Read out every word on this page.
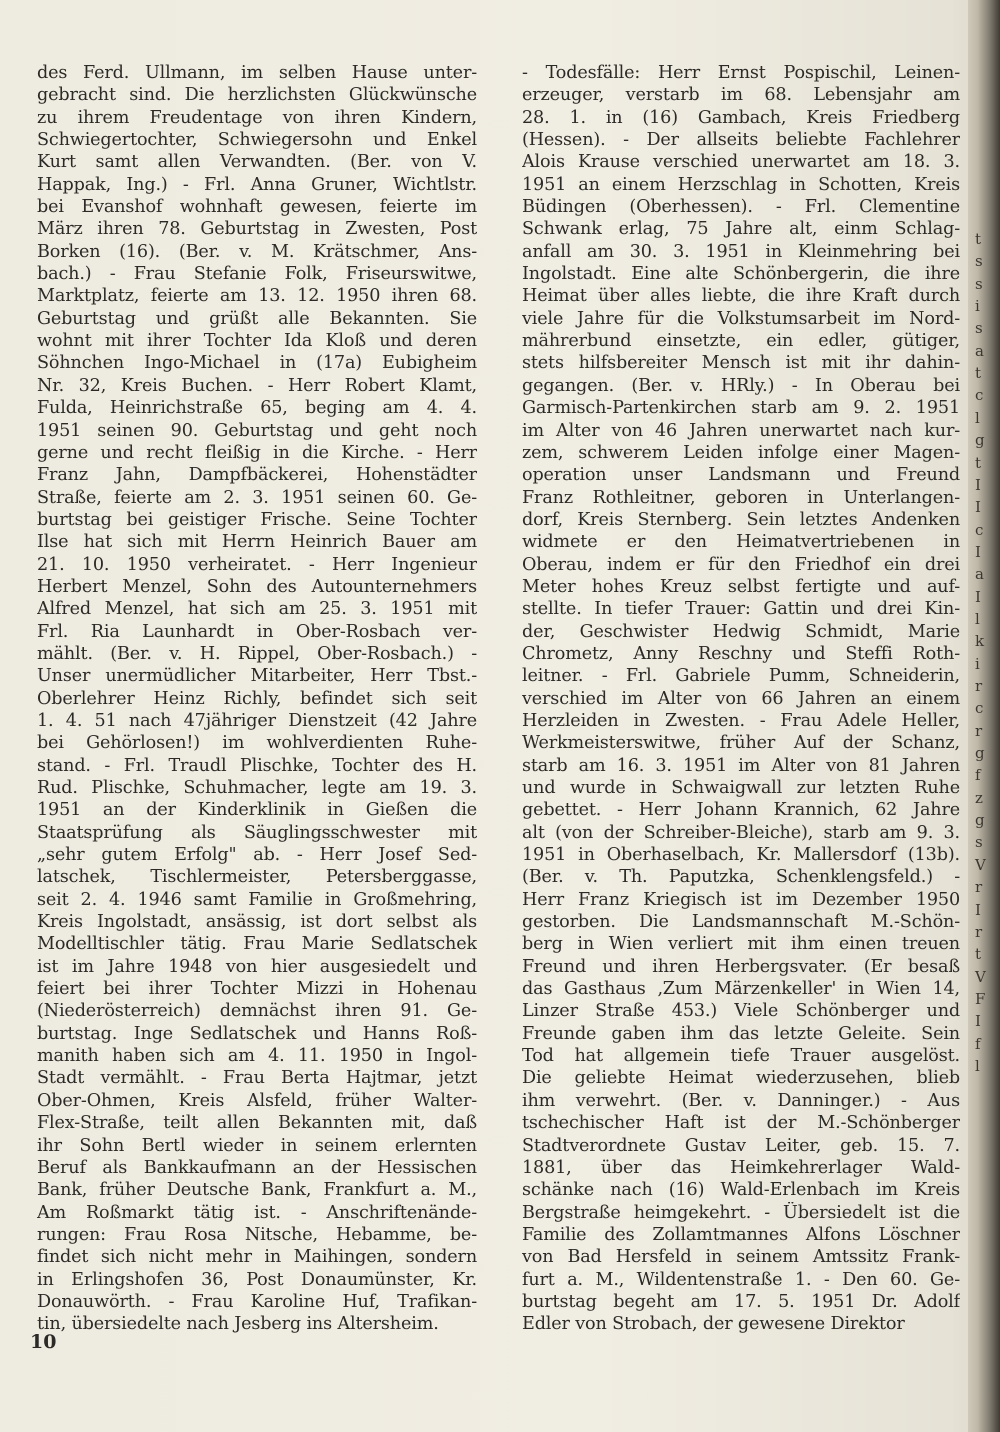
des Ferd. Ullmann, im selben Hause unter-
gebracht sind. Die herzlichsten Glückwünsche
zu ihrem Freudentage von ihren Kindern,
Schwiegertochter, Schwiegersohn und Enkel
Kurt samt allen Verwandten. (Ber. von V.
Happak, Ing.) - Frl. Anna Gruner, Wichtlstr.
bei Evanshof wohnhaft gewesen, feierte im
März ihren 78. Geburtstag in Zwesten, Post
Borken (16). (Ber. v. M. Krätschmer, Ans-
bach.) - Frau Stefanie Folk, Friseurswitwe,
Marktplatz, feierte am 13. 12. 1950 ihren 68.
Geburtstag und grüßt alle Bekannten. Sie
wohnt mit ihrer Tochter Ida Kloß und deren
Söhnchen Ingo-Michael in (17a) Eubigheim
Nr. 32, Kreis Buchen. - Herr Robert Klamt,
Fulda, Heinrichstraße 65, beging am 4. 4.
1951 seinen 90. Geburtstag und geht noch
gerne und recht fleißig in die Kirche. - Herr
Franz Jahn, Dampfbäckerei, Hohenstädter
Straße, feierte am 2. 3. 1951 seinen 60. Ge-
burtstag bei geistiger Frische. Seine Tochter
Ilse hat sich mit Herrn Heinrich Bauer am
21. 10. 1950 verheiratet. - Herr Ingenieur
Herbert Menzel, Sohn des Autounternehmers
Alfred Menzel, hat sich am 25. 3. 1951 mit
Frl. Ria Launhardt in Ober-Rosbach ver-
mählt. (Ber. v. H. Rippel, Ober-Rosbach.) -
Unser unermüdlicher Mitarbeiter, Herr Tbst.-
Oberlehrer Heinz Richly, befindet sich seit
1. 4. 51 nach 47jähriger Dienstzeit (42 Jahre
bei Gehörlosen!) im wohlverdienten Ruhe-
stand. - Frl. Traudl Plischke, Tochter des H.
Rud. Plischke, Schuhmacher, legte am 19. 3.
1951 an der Kinderklinik in Gießen die
Staatsprüfung als Säuglingsschwester mit
„sehr gutem Erfolg" ab. - Herr Josef Sed-
latschek, Tischlermeister, Petersberggasse,
seit 2. 4. 1946 samt Familie in Großmehring,
Kreis Ingolstadt, ansässig, ist dort selbst als
Modelltischler tätig. Frau Marie Sedlatschek
ist im Jahre 1948 von hier ausgesiedelt und
feiert bei ihrer Tochter Mizzi in Hohenau
(Niederösterreich) demnächst ihren 91. Ge-
burtstag. Inge Sedlatschek und Hanns Roß-
manith haben sich am 4. 11. 1950 in Ingol-
Stadt vermählt. - Frau Berta Hajtmar, jetzt
Ober-Ohmen, Kreis Alsfeld, früher Walter-
Flex-Straße, teilt allen Bekannten mit, daß
ihr Sohn Bertl wieder in seinem erlernten
Beruf als Bankkaufmann an der Hessischen
Bank, früher Deutsche Bank, Frankfurt a. M.,
Am Roßmarkt tätig ist. - Anschriftenände-
rungen: Frau Rosa Nitsche, Hebamme, be-
findet sich nicht mehr in Maihingen, sondern
in Erlingshofen 36, Post Donaumünster, Kr.
Donauwörth. - Frau Karoline Huf, Trafikan-
tin, übersiedelte nach Jesberg ins Altersheim.
- Todesfälle: Herr Ernst Pospischil, Leinen-
erzeuger, verstarb im 68. Lebensjahr am
28. 1. in (16) Gambach, Kreis Friedberg
(Hessen). - Der allseits beliebte Fachlehrer
Alois Krause verschied unerwartet am 18. 3.
1951 an einem Herzschlag in Schotten, Kreis
Büdingen (Oberhessen). - Frl. Clementine
Schwank erlag, 75 Jahre alt, einm Schlag-
anfall am 30. 3. 1951 in Kleinmehring bei
Ingolstadt. Eine alte Schönbergerin, die ihre
Heimat über alles liebte, die ihre Kraft durch
viele Jahre für die Volkstumsarbeit im Nord-
mährerbund einsetzte, ein edler, gütiger,
stets hilfsbereiter Mensch ist mit ihr dahin-
gegangen. (Ber. v. HRly.) - In Oberau bei
Garmisch-Partenkirchen starb am 9. 2. 1951
im Alter von 46 Jahren unerwartet nach kur-
zem, schwerem Leiden infolge einer Magen-
operation unser Landsmann und Freund
Franz Rothleitner, geboren in Unterlangen-
dorf, Kreis Sternberg. Sein letztes Andenken
widmete er den Heimatvertriebenen in
Oberau, indem er für den Friedhof ein drei
Meter hohes Kreuz selbst fertigte und auf-
stellte. In tiefer Trauer: Gattin und drei Kin-
der, Geschwister Hedwig Schmidt, Marie
Chrometz, Anny Reschny und Steffi Roth-
leitner. - Frl. Gabriele Pumm, Schneiderin,
verschied im Alter von 66 Jahren an einem
Herzleiden in Zwesten. - Frau Adele Heller,
Werkmeisterswitwe, früher Auf der Schanz,
starb am 16. 3. 1951 im Alter von 81 Jahren
und wurde in Schwaigwall zur letzten Ruhe
gebettet. - Herr Johann Krannich, 62 Jahre
alt (von der Schreiber-Bleiche), starb am 9. 3.
1951 in Oberhaselbach, Kr. Mallersdorf (13b).
(Ber. v. Th. Paputzka, Schenklengsfeld.) -
Herr Franz Kriegisch ist im Dezember 1950
gestorben. Die Landsmannschaft M.-Schön-
berg in Wien verliert mit ihm einen treuen
Freund und ihren Herbergsvater. (Er besaß
das Gasthaus ‚Zum Märzenkeller' in Wien 14,
Linzer Straße 453.) Viele Schönberger und
Freunde gaben ihm das letzte Geleite. Sein
Tod hat allgemein tiefe Trauer ausgelöst.
Die geliebte Heimat wiederzusehen, blieb
ihm verwehrt. (Ber. v. Danninger.) - Aus
tschechischer Haft ist der M.-Schönberger
Stadtverordnete Gustav Leiter, geb. 15. 7.
1881, über das Heimkehrerlager Wald-
schänke nach (16) Wald-Erlenbach im Kreis
Bergstraße heimgekehrt. - Übersiedelt ist die
Familie des Zollamtmannes Alfons Löschner
von Bad Hersfeld in seinem Amtssitz Frank-
furt a. M., Wildentenstraße 1. - Den 60. Ge-
burtstag begeht am 17. 5. 1951 Dr. Adolf
Edler von Strobach, der gewesene Direktor
10
t
s
s
i
s
a
t
c
l
g
t
I
I
c
I
a
I
l
k
i
r
c
r
g
f
z
g
s
V
r
I
r
t
V
F
I
f
l
